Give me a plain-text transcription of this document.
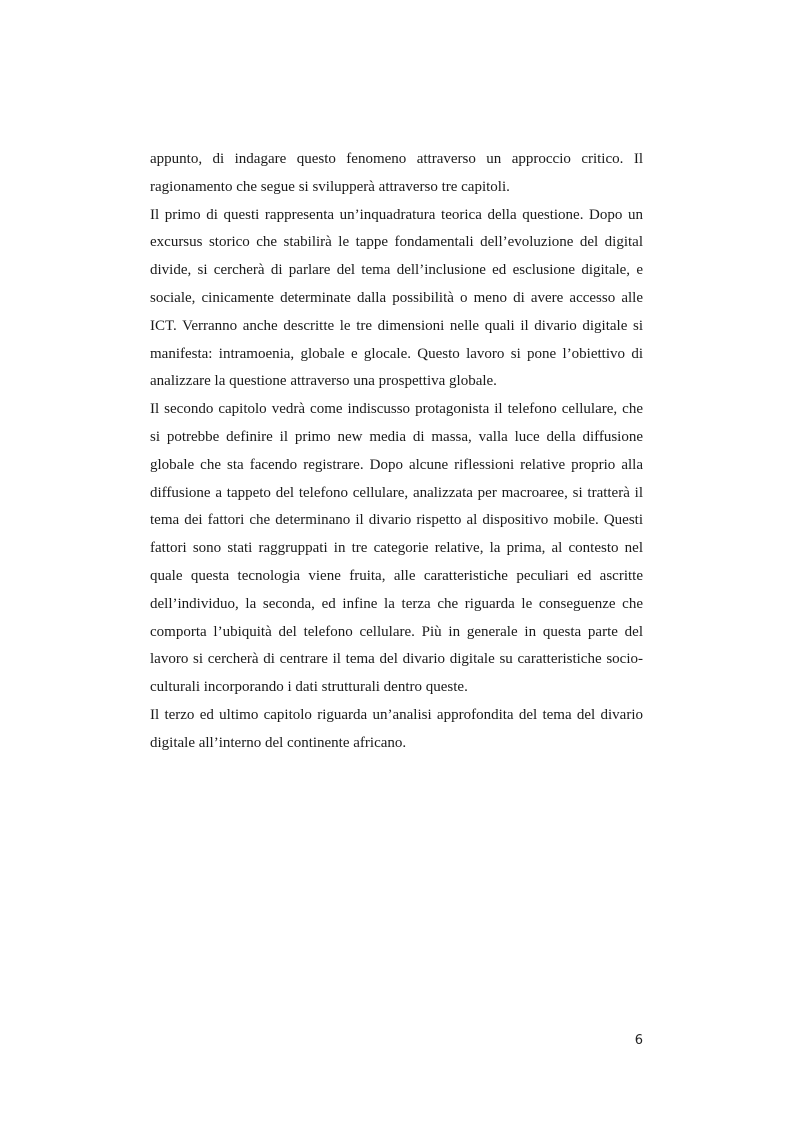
appunto, di indagare questo fenomeno attraverso un approccio critico. Il ragionamento che segue si svilupperà attraverso tre capitoli.

Il primo di questi rappresenta un’inquadratura teorica della questione. Dopo un excursus storico che stabilirà le tappe fondamentali dell’evoluzione del digital divide, si cercherà di parlare del tema dell’inclusione ed esclusione digitale, e sociale, cinicamente determinate dalla possibilità o meno di avere accesso alle ICT. Verranno anche descritte le tre dimensioni nelle quali il divario digitale si manifesta: intramoenia, globale e glocale. Questo lavoro si pone l’obiettivo di analizzare la questione attraverso una prospettiva globale.

Il secondo capitolo vedrà come indiscusso protagonista il telefono cellulare, che si potrebbe definire il primo new media di massa, valla luce della diffusione globale che sta facendo registrare. Dopo alcune riflessioni relative proprio alla diffusione a tappeto del telefono cellulare, analizzata per macroaree, si tratterà il tema dei fattori che determinano il divario rispetto al dispositivo mobile. Questi fattori sono stati raggruppati in tre categorie relative, la prima, al contesto nel quale questa tecnologia viene fruita, alle caratteristiche peculiari ed ascritte dell’individuo, la seconda, ed infine la terza che riguarda le conseguenze che comporta l’ubiquità del telefono cellulare. Più in generale in questa parte del lavoro si cercherà di centrare il tema del divario digitale su caratteristiche socio-culturali incorporando i dati strutturali dentro queste.

Il terzo ed ultimo capitolo riguarda un’analisi approfondita del tema del divario digitale all’interno del continente africano.

6
